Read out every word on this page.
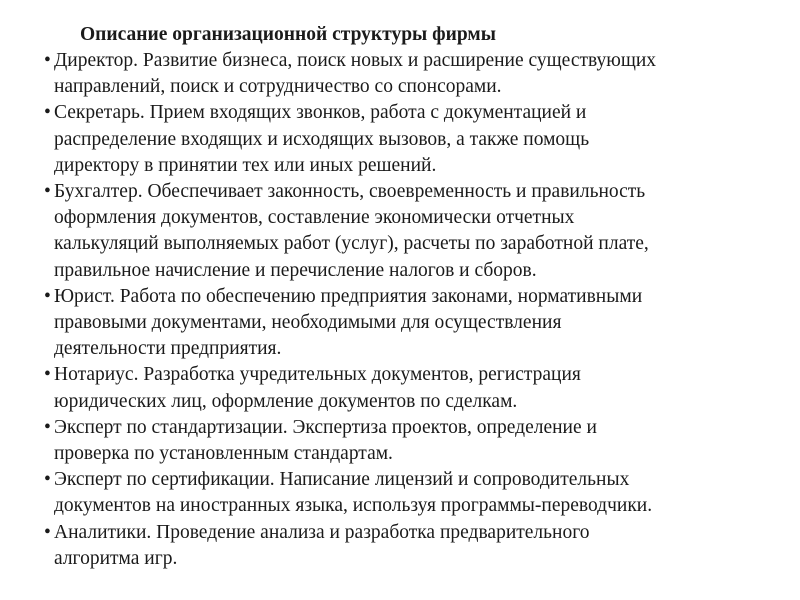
Описание организационной структуры фирмы
• Директор. Развитие бизнеса, поиск новых и расширение существующих
направлений, поиск и сотрудничество со спонсорами.
• Секретарь. Прием входящих звонков, работа с документацией и
распределение входящих и исходящих вызовов, а также помощь
директору в принятии тех или иных решений.
• Бухгалтер. Обеспечивает законность, своевременность и правильность
оформления документов, составление экономически отчетных
калькуляций выполняемых работ (услуг), расчеты по заработной плате,
правильное начисление и перечисление налогов и сборов.
• Юрист. Работа по обеспечению предприятия законами, нормативными
правовыми документами, необходимыми для осуществления
деятельности предприятия.
• Нотариус. Разработка учредительных документов, регистрация
юридических лиц, оформление документов по сделкам.
• Эксперт по стандартизации. Экспертиза проектов, определение и
проверка по установленным стандартам.
• Эксперт по сертификации. Написание лицензий и сопроводительных
документов на иностранных языка, используя программы-переводчики.
• Аналитики. Проведение анализа и разработка предварительного
алгоритма игр.
